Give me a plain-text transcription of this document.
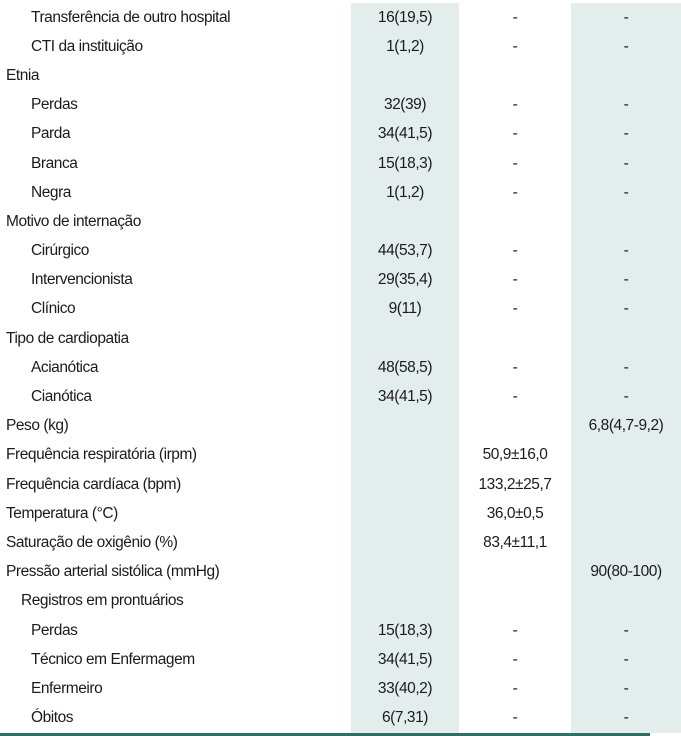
Transferência de outro hospital	16(19,5)	-	-
CTI da instituição	1(1,2)	-	-
Etnia			
Perdas	32(39)	-	-
Parda	34(41,5)	-	-
Branca	15(18,3)	-	-
Negra	1(1,2)	-	-
Motivo de internação			
Cirúrgico	44(53,7)	-	-
Intervencionista	29(35,4)	-	-
Clínico	9(11)	-	-
Tipo de cardiopatia			
Acianótica	48(58,5)	-	-
Cianótica	34(41,5)	-	-
Peso (kg)			6,8(4,7-9,2)
Frequência respiratória (irpm)		50,9±16,0	
Frequência cardíaca (bpm)		133,2±25,7	
Temperatura (°C)		36,0±0,5	
Saturação de oxigênio (%)		83,4±11,1	
Pressão arterial sistólica (mmHg)			90(80-100)
Registros em prontuários			
Perdas	15(18,3)	-	-
Técnico em Enfermagem	34(41,5)	-	-
Enfermeiro	33(40,2)	-	-
Óbitos	6(7,31)	-	-
